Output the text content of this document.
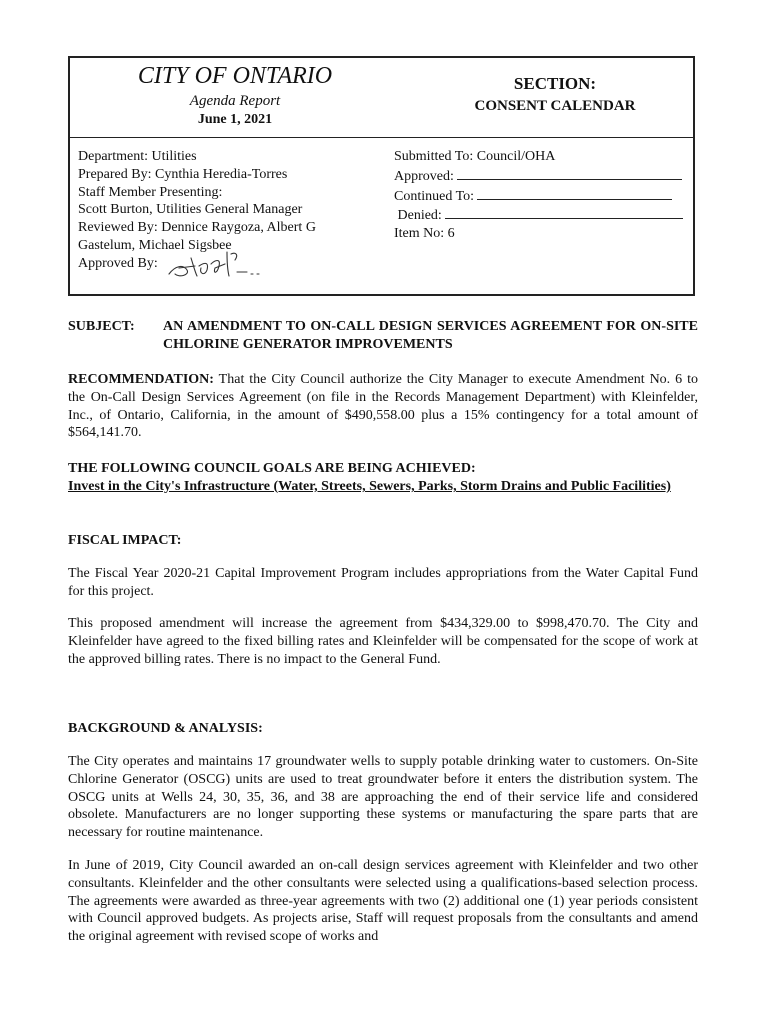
CITY OF ONTARIO
Agenda Report
June 1, 2021
SECTION:
CONSENT CALENDAR
Department: Utilities
Prepared By: Cynthia Heredia-Torres
Staff Member Presenting:
Scott Burton, Utilities General Manager
Reviewed By: Dennice Raygoza, Albert G
Gastelum, Michael Sigsbee
Approved By:
Submitted To: Council/OHA
Approved:
Continued To:
Denied:
Item No: 6
SUBJECT: AN AMENDMENT TO ON-CALL DESIGN SERVICES AGREEMENT FOR ON-SITE CHLORINE GENERATOR IMPROVEMENTS
RECOMMENDATION: That the City Council authorize the City Manager to execute Amendment No. 6 to the On-Call Design Services Agreement (on file in the Records Management Department) with Kleinfelder, Inc., of Ontario, California, in the amount of $490,558.00 plus a 15% contingency for a total amount of $564,141.70.
THE FOLLOWING COUNCIL GOALS ARE BEING ACHIEVED:
Invest in the City's Infrastructure (Water, Streets, Sewers, Parks, Storm Drains and Public Facilities)
FISCAL IMPACT:
The Fiscal Year 2020-21 Capital Improvement Program includes appropriations from the Water Capital Fund for this project.
This proposed amendment will increase the agreement from $434,329.00 to $998,470.70. The City and Kleinfelder have agreed to the fixed billing rates and Kleinfelder will be compensated for the scope of work at the approved billing rates. There is no impact to the General Fund.
BACKGROUND & ANALYSIS:
The City operates and maintains 17 groundwater wells to supply potable drinking water to customers. On-Site Chlorine Generator (OSCG) units are used to treat groundwater before it enters the distribution system. The OSCG units at Wells 24, 30, 35, 36, and 38 are approaching the end of their service life and considered obsolete. Manufacturers are no longer supporting these systems or manufacturing the spare parts that are necessary for routine maintenance.
In June of 2019, City Council awarded an on-call design services agreement with Kleinfelder and two other consultants. Kleinfelder and the other consultants were selected using a qualifications-based selection process. The agreements were awarded as three-year agreements with two (2) additional one (1) year periods consistent with Council approved budgets. As projects arise, Staff will request proposals from the consultants and amend the original agreement with revised scope of works and
